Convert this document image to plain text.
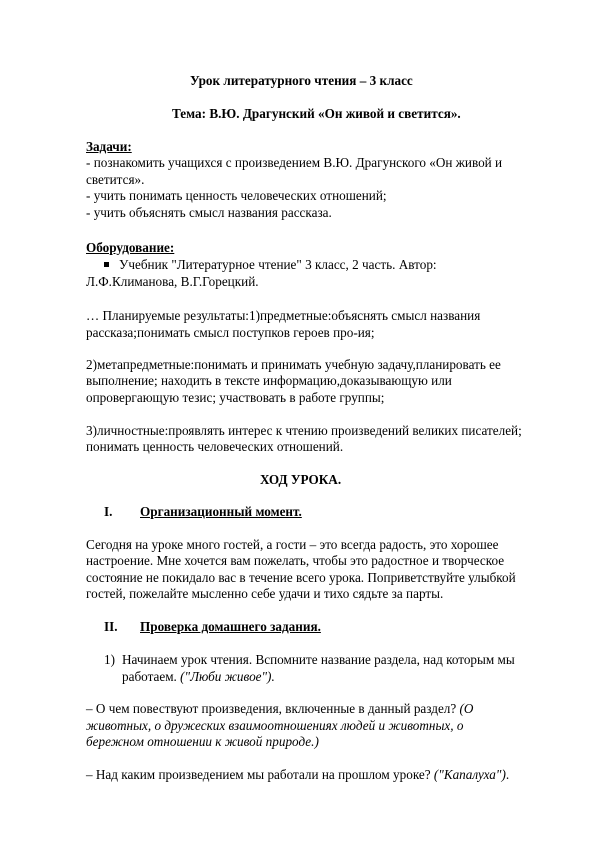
Урок литературного чтения – 3 класс
Тема: В.Ю. Драгунский «Он живой и светится».
Задачи:
- познакомить учащихся с произведением В.Ю. Драгунского «Он живой и
светится».
- учить понимать ценность человеческих отношений;
- учить объяснять смысл названия рассказа.
Оборудование:
Учебник "Литературное чтение" 3 класс, 2 часть. Автор:
Л.Ф.Климанова, В.Г.Горецкий.
… Планируемые результаты:1)предметные:объяснять смысл названия
рассказа;понимать смысл поступков героев про-ия;
2)метапредметные:понимать и принимать учебную задачу,планировать ее
выполнение; находить в тексте информацию,доказывающую или
опровергающую тезис; участвовать в работе группы;
3)личностные:проявлять интерес к чтению произведений великих писателей;
понимать ценность человеческих отношений.
ХОД УРОКА.
I. Организационный момент.
Сегодня на уроке много гостей, а гости – это всегда радость, это хорошее
настроение. Мне хочется вам пожелать, чтобы это радостное и творческое
состояние не покидало вас в течение всего урока. Поприветствуйте улыбкой
гостей, пожелайте мысленно себе удачи и тихо сядьте за парты.
II. Проверка домашнего задания.
1) Начинаем урок чтения. Вспомните название раздела, над которым мы
работаем. ("Люби живое").
– О чем повествуют произведения, включенные в данный раздел? (О
животных, о дружеских взаимоотношениях людей и животных, о
бережном отношении к живой природе.)
– Над каким произведением мы работали на прошлом уроке? ("Капалуха").
